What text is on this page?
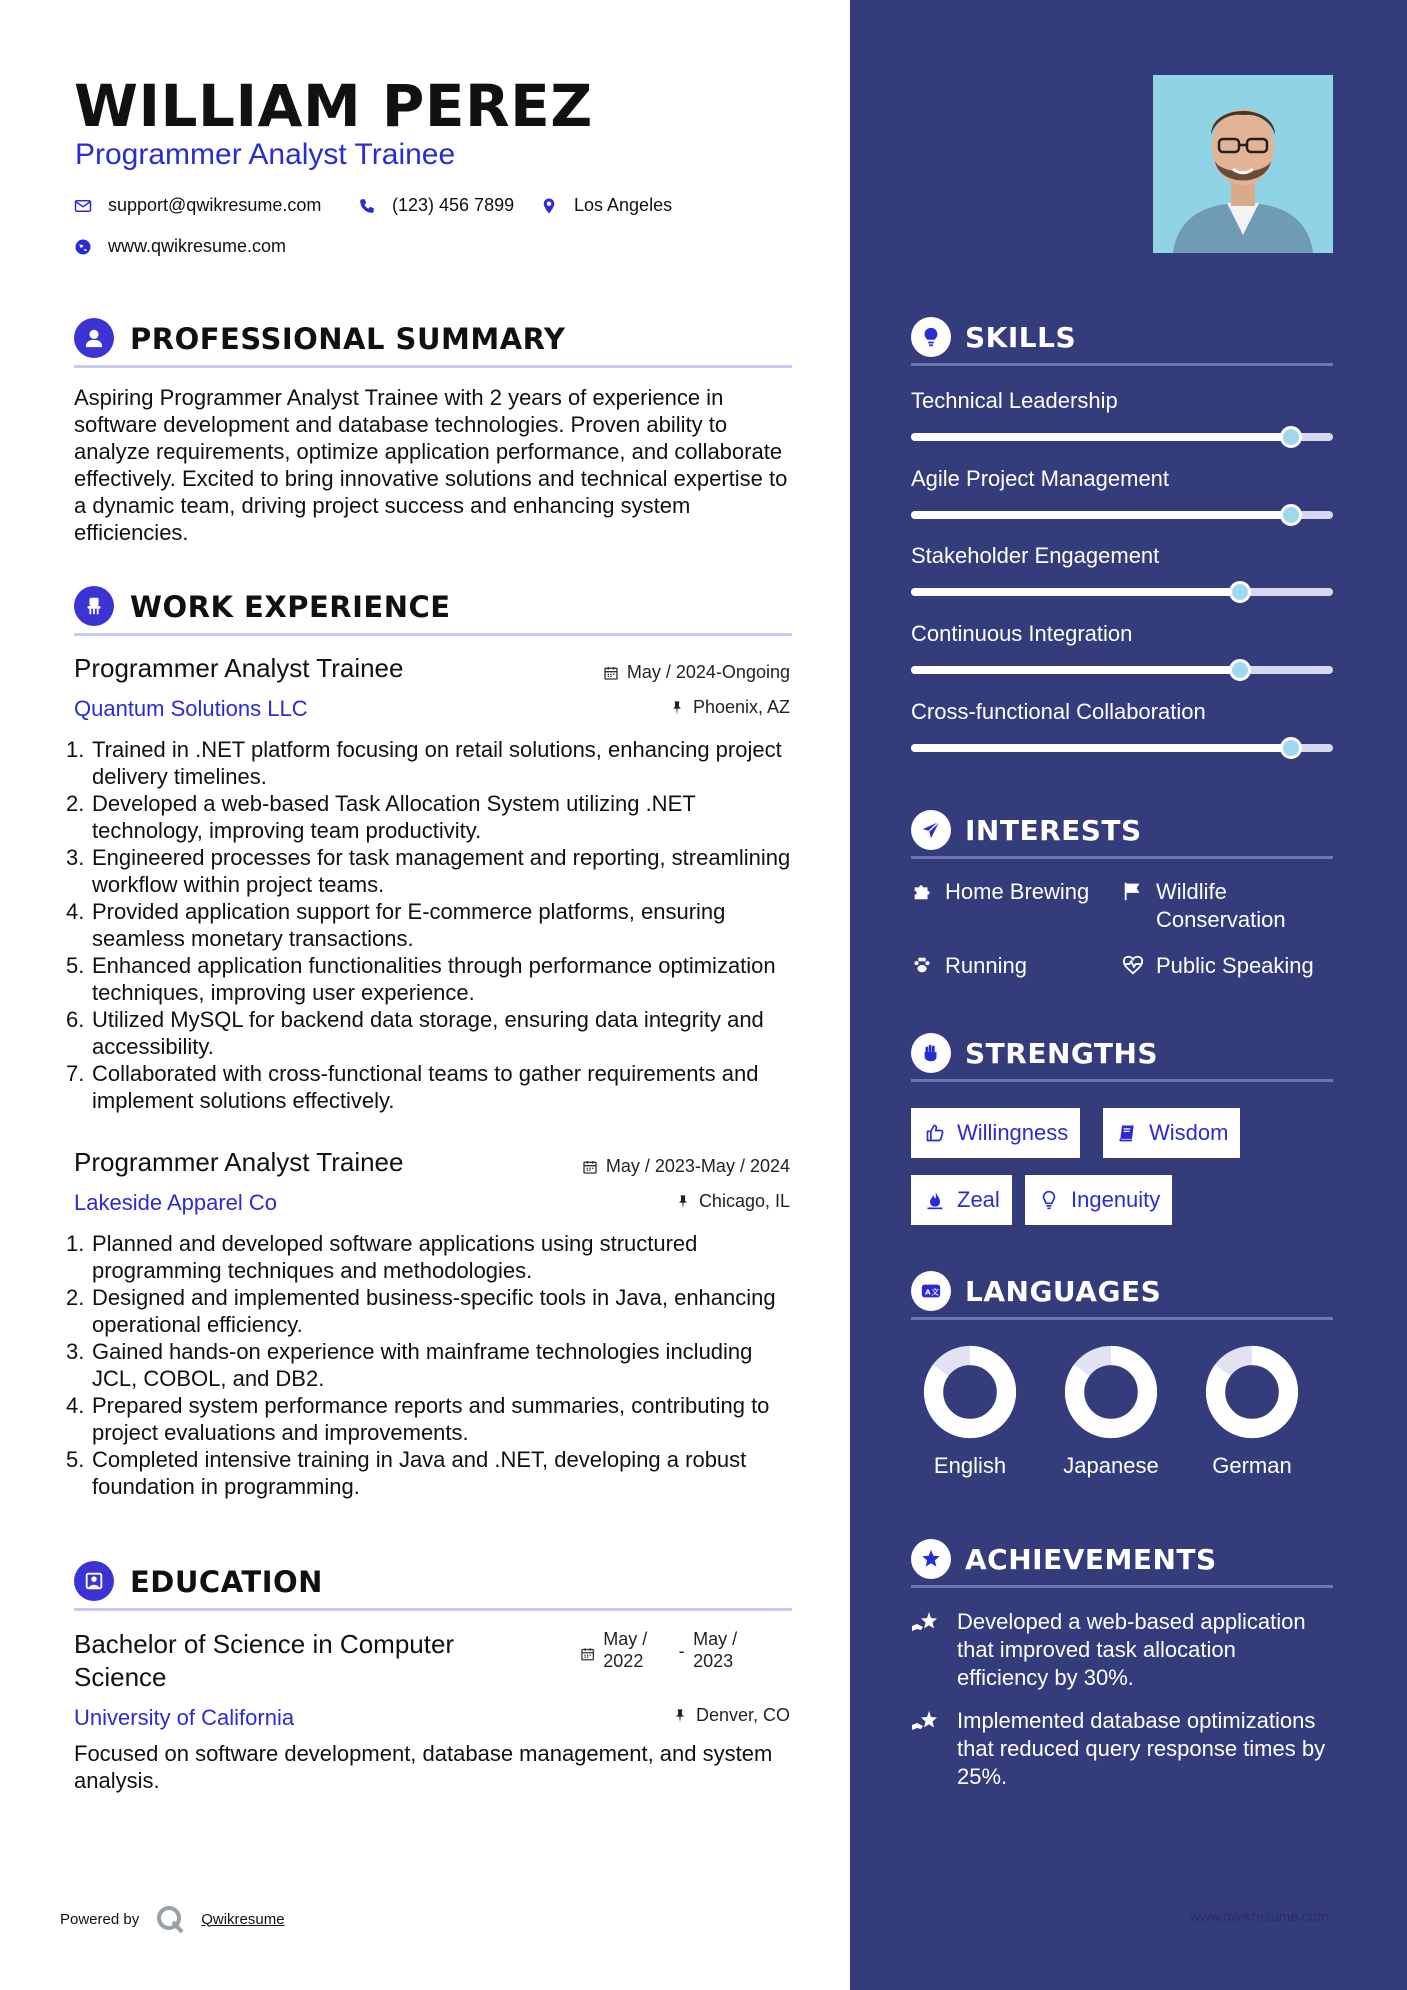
WILLIAM PEREZ
Programmer Analyst Trainee
support@qwikresume.com	(123) 456 7899	Los Angeles
www.qwikresume.com
PROFESSIONAL SUMMARY
Aspiring Programmer Analyst Trainee with 2 years of experience in software development and database technologies. Proven ability to analyze requirements, optimize application performance, and collaborate effectively. Excited to bring innovative solutions and technical expertise to a dynamic team, driving project success and enhancing system efficiencies.
WORK EXPERIENCE
Programmer Analyst Trainee	May / 2024-Ongoing
Quantum Solutions LLC	Phoenix, AZ
1. Trained in .NET platform focusing on retail solutions, enhancing project delivery timelines.
2. Developed a web-based Task Allocation System utilizing .NET technology, improving team productivity.
3. Engineered processes for task management and reporting, streamlining workflow within project teams.
4. Provided application support for E-commerce platforms, ensuring seamless monetary transactions.
5. Enhanced application functionalities through performance optimization techniques, improving user experience.
6. Utilized MySQL for backend data storage, ensuring data integrity and accessibility.
7. Collaborated with cross-functional teams to gather requirements and implement solutions effectively.
Programmer Analyst Trainee	May / 2023-May / 2024
Lakeside Apparel Co	Chicago, IL
1. Planned and developed software applications using structured programming techniques and methodologies.
2. Designed and implemented business-specific tools in Java, enhancing operational efficiency.
3. Gained hands-on experience with mainframe technologies including JCL, COBOL, and DB2.
4. Prepared system performance reports and summaries, contributing to project evaluations and improvements.
5. Completed intensive training in Java and .NET, developing a robust foundation in programming.
EDUCATION
Bachelor of Science in Computer
Science
May /
2022	-
May /
2023
University of California	Denver, CO
Focused on software development, database management, and system analysis.
Powered by	Qwikresume
SKILLS
Technical Leadership
Agile Project Management
Stakeholder Engagement
Continuous Integration
Cross-functional Collaboration
INTERESTS
Home Brewing	Wildlife Conservation
Running	Public Speaking
STRENGTHS
Willingness	Wisdom
Zeal	Ingenuity
A 文 LANGUAGES
English	Japanese	German
ACHIEVEMENTS
Developed a web-based application that improved task allocation efficiency by 30%.
Implemented database optimizations that reduced query response times by 25%.
www.qwikresume.com
